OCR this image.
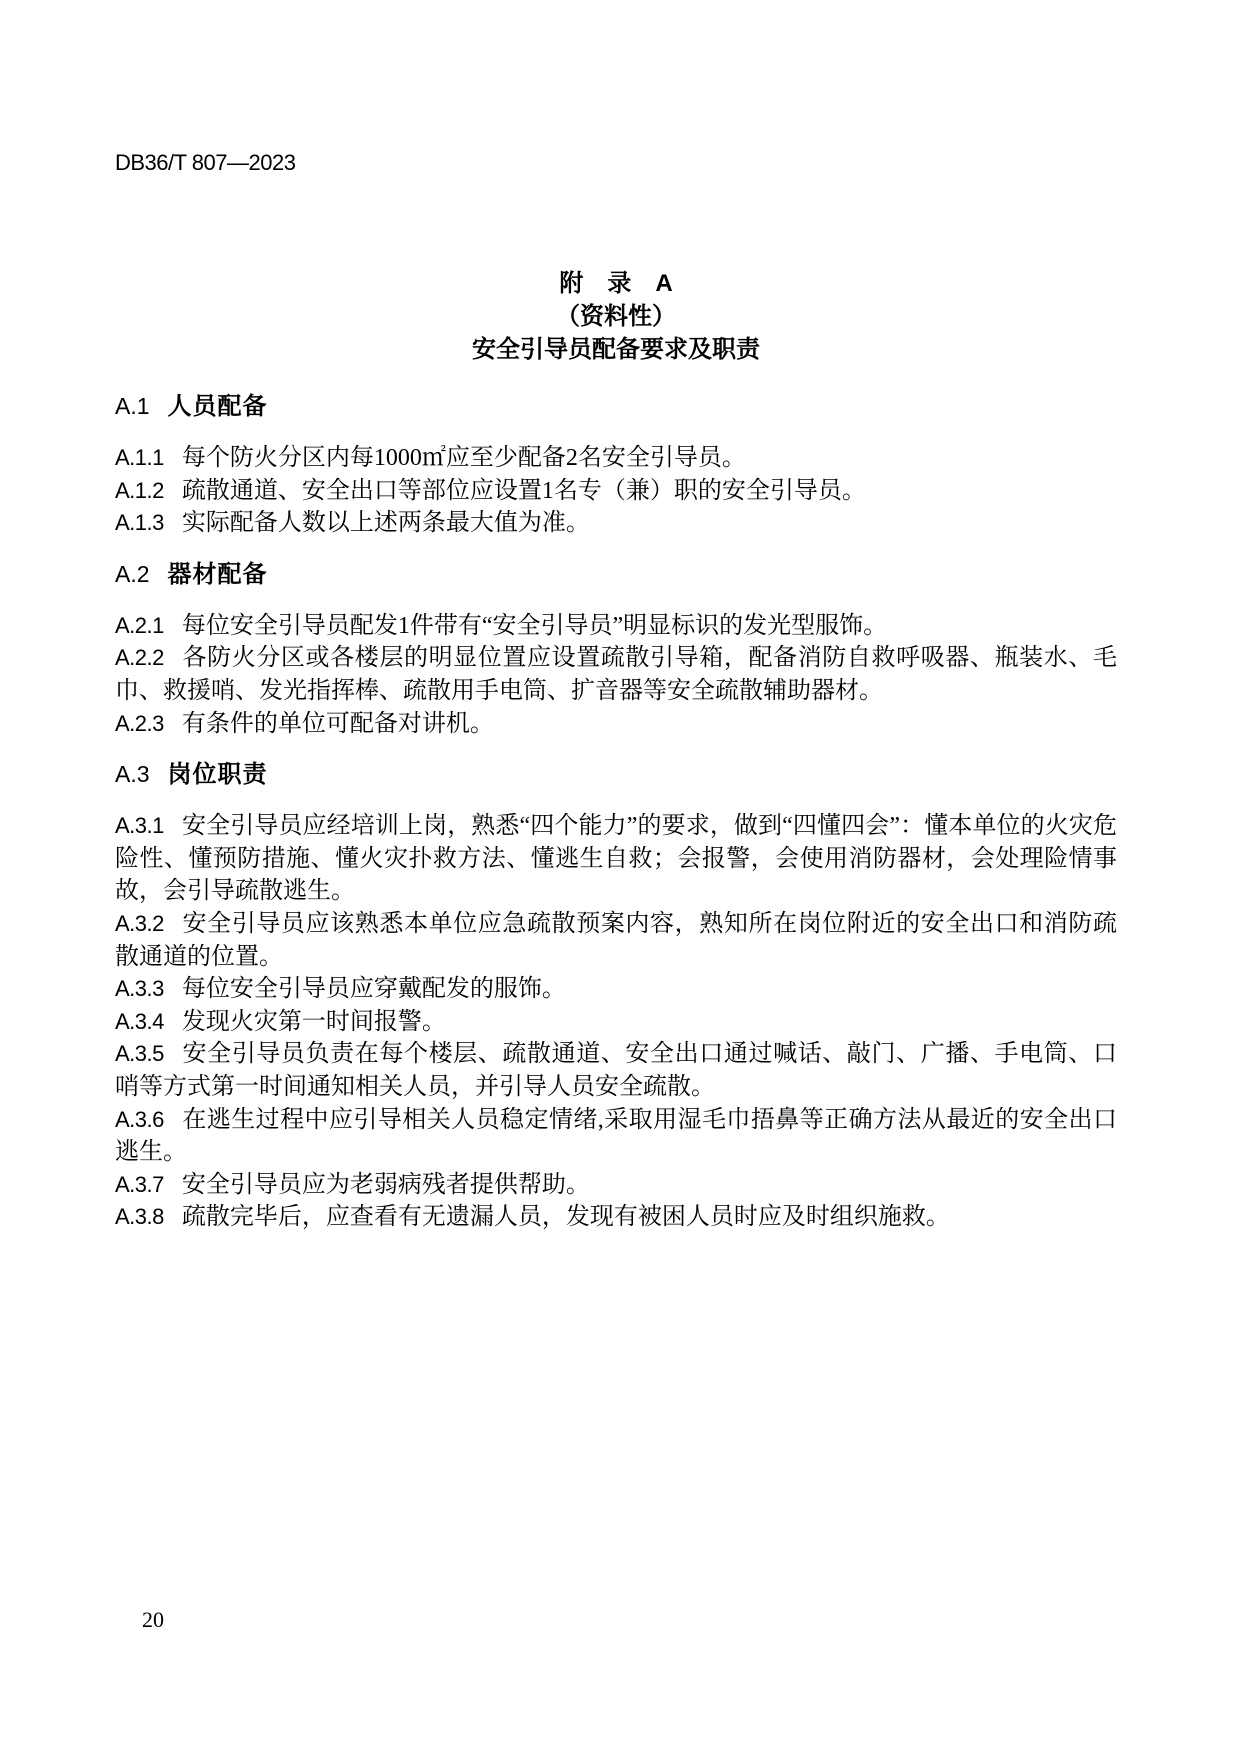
DB36/T 807—2023
附　录　A
（资料性）
安全引导员配备要求及职责
A.1 人员配备

A.1.1 每个防火分区内每1000㎡应至少配备2名安全引导员。

A.1.2 疏散通道、安全出口等部位应设置1名专（兼）职的安全引导员。

A.1.3 实际配备人数以上述两条最大值为准。

A.2 器材配备

A.2.1 每位安全引导员配发1件带有“安全引导员”明显标识的发光型服饰。

A.2.2 各防火分区或各楼层的明显位置应设置疏散引导箱，配备消防自救呼吸器、瓶装水、毛巾、救援哨、发光指挥棒、疏散用手电筒、扩音器等安全疏散辅助器材。

A.2.3 有条件的单位可配备对讲机。

A.3 岗位职责

A.3.1 安全引导员应经培训上岗，熟悉“四个能力”的要求，做到“四懂四会”：懂本单位的火灾危险性、懂预防措施、懂火灾扑救方法、懂逃生自救；会报警，会使用消防器材，会处理险情事故，会引导疏散逃生。

A.3.2 安全引导员应该熟悉本单位应急疏散预案内容，熟知所在岗位附近的安全出口和消防疏散通道的位置。

A.3.3 每位安全引导员应穿戴配发的服饰。

A.3.4 发现火灾第一时间报警。

A.3.5 安全引导员负责在每个楼层、疏散通道、安全出口通过喊话、敲门、广播、手电筒、口哨等方式第一时间通知相关人员，并引导人员安全疏散。

A.3.6 在逃生过程中应引导相关人员稳定情绪,采取用湿毛巾捂鼻等正确方法从最近的安全出口逃生。

A.3.7 安全引导员应为老弱病残者提供帮助。

A.3.8 疏散完毕后，应查看有无遗漏人员，发现有被困人员时应及时组织施救。

20
